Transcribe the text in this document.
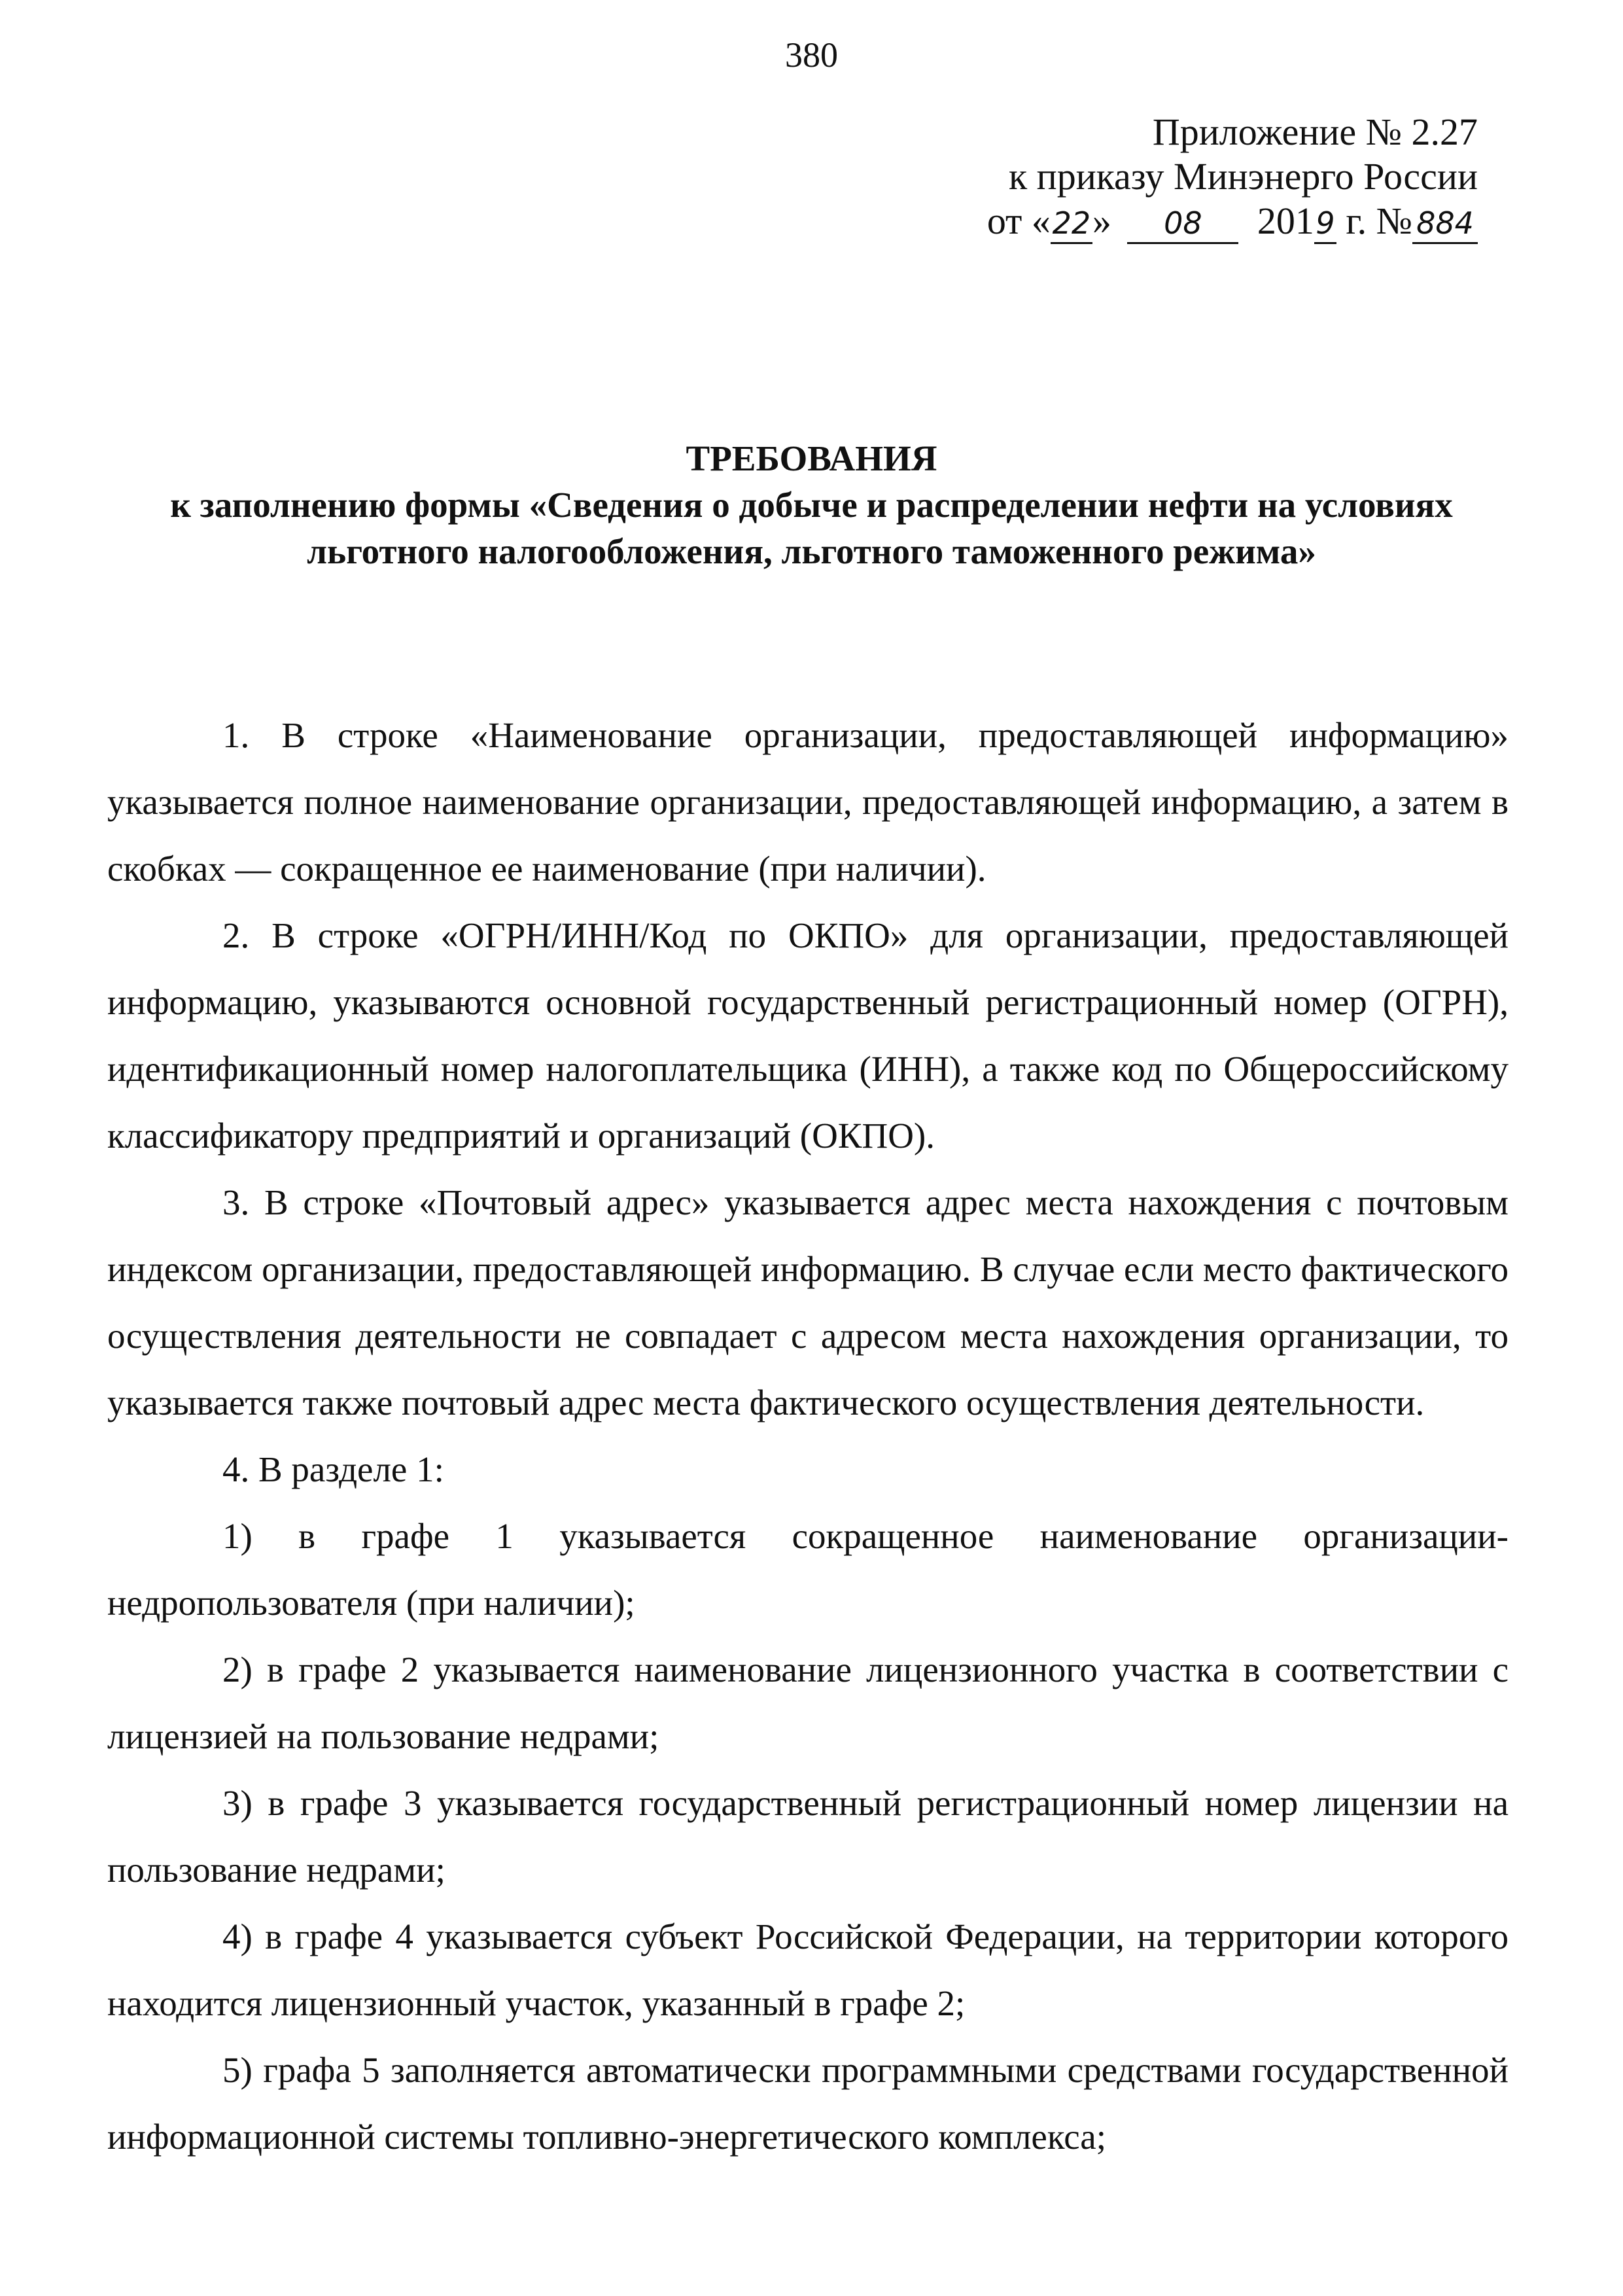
380
Приложение № 2.27
к приказу Минэнерго России
от «22» 08 2019 г. № 884
ТРЕБОВАНИЯ
к заполнению формы «Сведения о добыче и распределении нефти на условиях
льготного налогообложения, льготного таможенного режима»

1. В строке «Наименование организации, предоставляющей информацию» указывается полное наименование организации, предоставляющей информацию, а затем в скобках — сокращенное ее наименование (при наличии).

2. В строке «ОГРН/ИНН/Код по ОКПО» для организации, предоставляющей информацию, указываются основной государственный регистрационный номер (ОГРН), идентификационный номер налогоплательщика (ИНН), а также код по Общероссийскому классификатору предприятий и организаций (ОКПО).

3. В строке «Почтовый адрес» указывается адрес места нахождения с почтовым индексом организации, предоставляющей информацию. В случае если место фактического осуществления деятельности не совпадает с адресом места нахождения организации, то указывается также почтовый адрес места фактического осуществления деятельности.

4. В разделе 1:

1) в графе 1 указывается сокращенное наименование организации-недропользователя (при наличии);

2) в графе 2 указывается наименование лицензионного участка в соответствии с лицензией на пользование недрами;

3) в графе 3 указывается государственный регистрационный номер лицензии на пользование недрами;

4) в графе 4 указывается субъект Российской Федерации, на территории которого находится лицензионный участок, указанный в графе 2;

5) графа 5 заполняется автоматически программными средствами государственной информационной системы топливно-энергетического комплекса;
